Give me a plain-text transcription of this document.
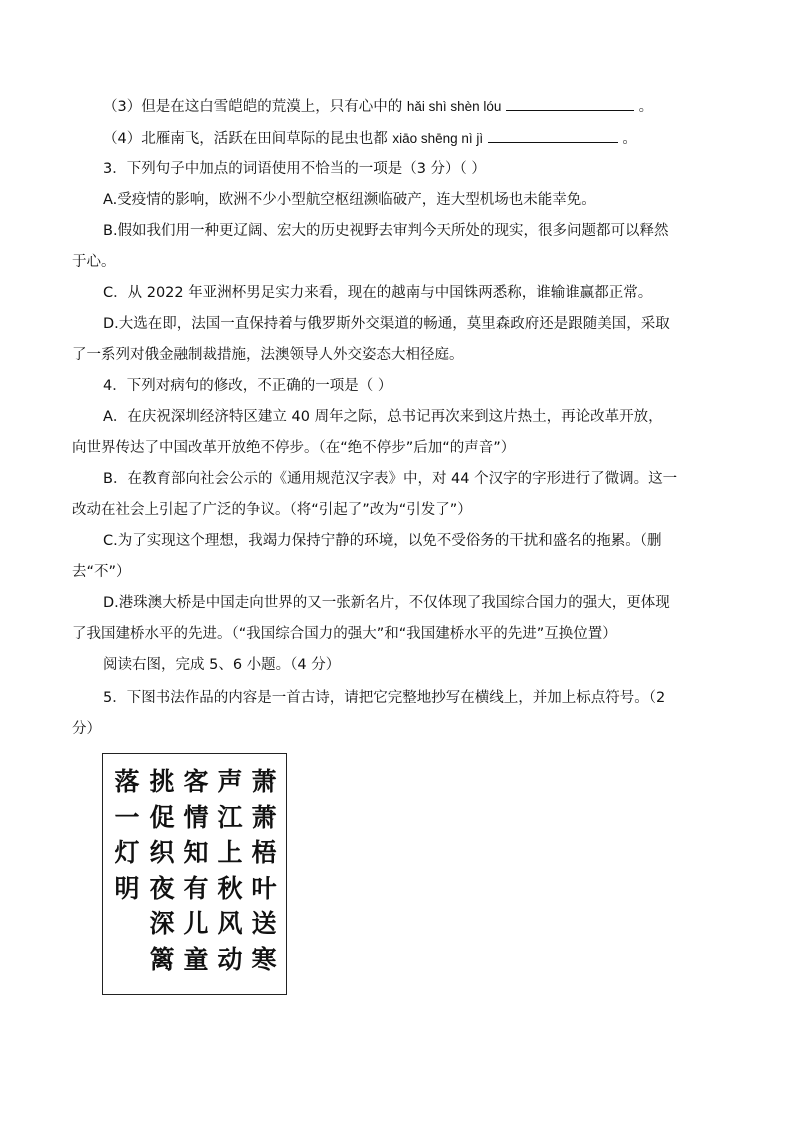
（3）但是在这白雪皑皑的荒漠上，只有心中的 hǎi shì shèn lóu	。
（4）北雁南飞，活跃在田间草际的昆虫也都 xiāo shēng nì jì	。
3．下列句子中加点的词语使用不恰当的一项是（3 分）（ ）
A.受疫情的影响，欧洲不少小型航空枢纽濒临破产，连大型机场也未能幸免。
B.假如我们用一种更辽阔、宏大的历史视野去审判今天所处的现实，很多问题都可以释然
于心。
C．从 2022 年亚洲杯男足实力来看，现在的越南与中国铢两悉称，谁输谁赢都正常。
D.大选在即，法国一直保持着与俄罗斯外交渠道的畅通，莫里森政府还是跟随美国，采取
了一系列对俄金融制裁措施，法澳领导人外交姿态大相径庭。
4．下列对病句的修改，不正确的一项是（ ）
A．在庆祝深圳经济特区建立 40 周年之际，总书记再次来到这片热土，再论改革开放，
向世界传达了中国改革开放绝不停步。（在“绝不停步”后加“的声音”）
B．在教育部向社会公示的《通用规范汉字表》中，对 44 个汉字的字形进行了微调。这一
改动在社会上引起了广泛的争议。（将“引起了”改为“引发了”）
C.为了实现这个理想，我竭力保持宁静的环境，以免不受俗务的干扰和盛名的拖累。（删
去“不”）
D.港珠澳大桥是中国走向世界的又一张新名片，不仅体现了我国综合国力的强大，更体现
了我国建桥水平的先进。（“我国综合国力的强大”和“我国建桥水平的先进”互换位置）
阅读右图，完成 5、6 小题。（4 分）
5．下图书法作品的内容是一首古诗，请把它完整地抄写在横线上，并加上标点符号。（2
分）
萧
萧
梧
叶
送
寒
声
江
上
秋
风
动
客
情
知
有
儿
童
挑
促
织
夜
深
篱
落
一
灯
明
